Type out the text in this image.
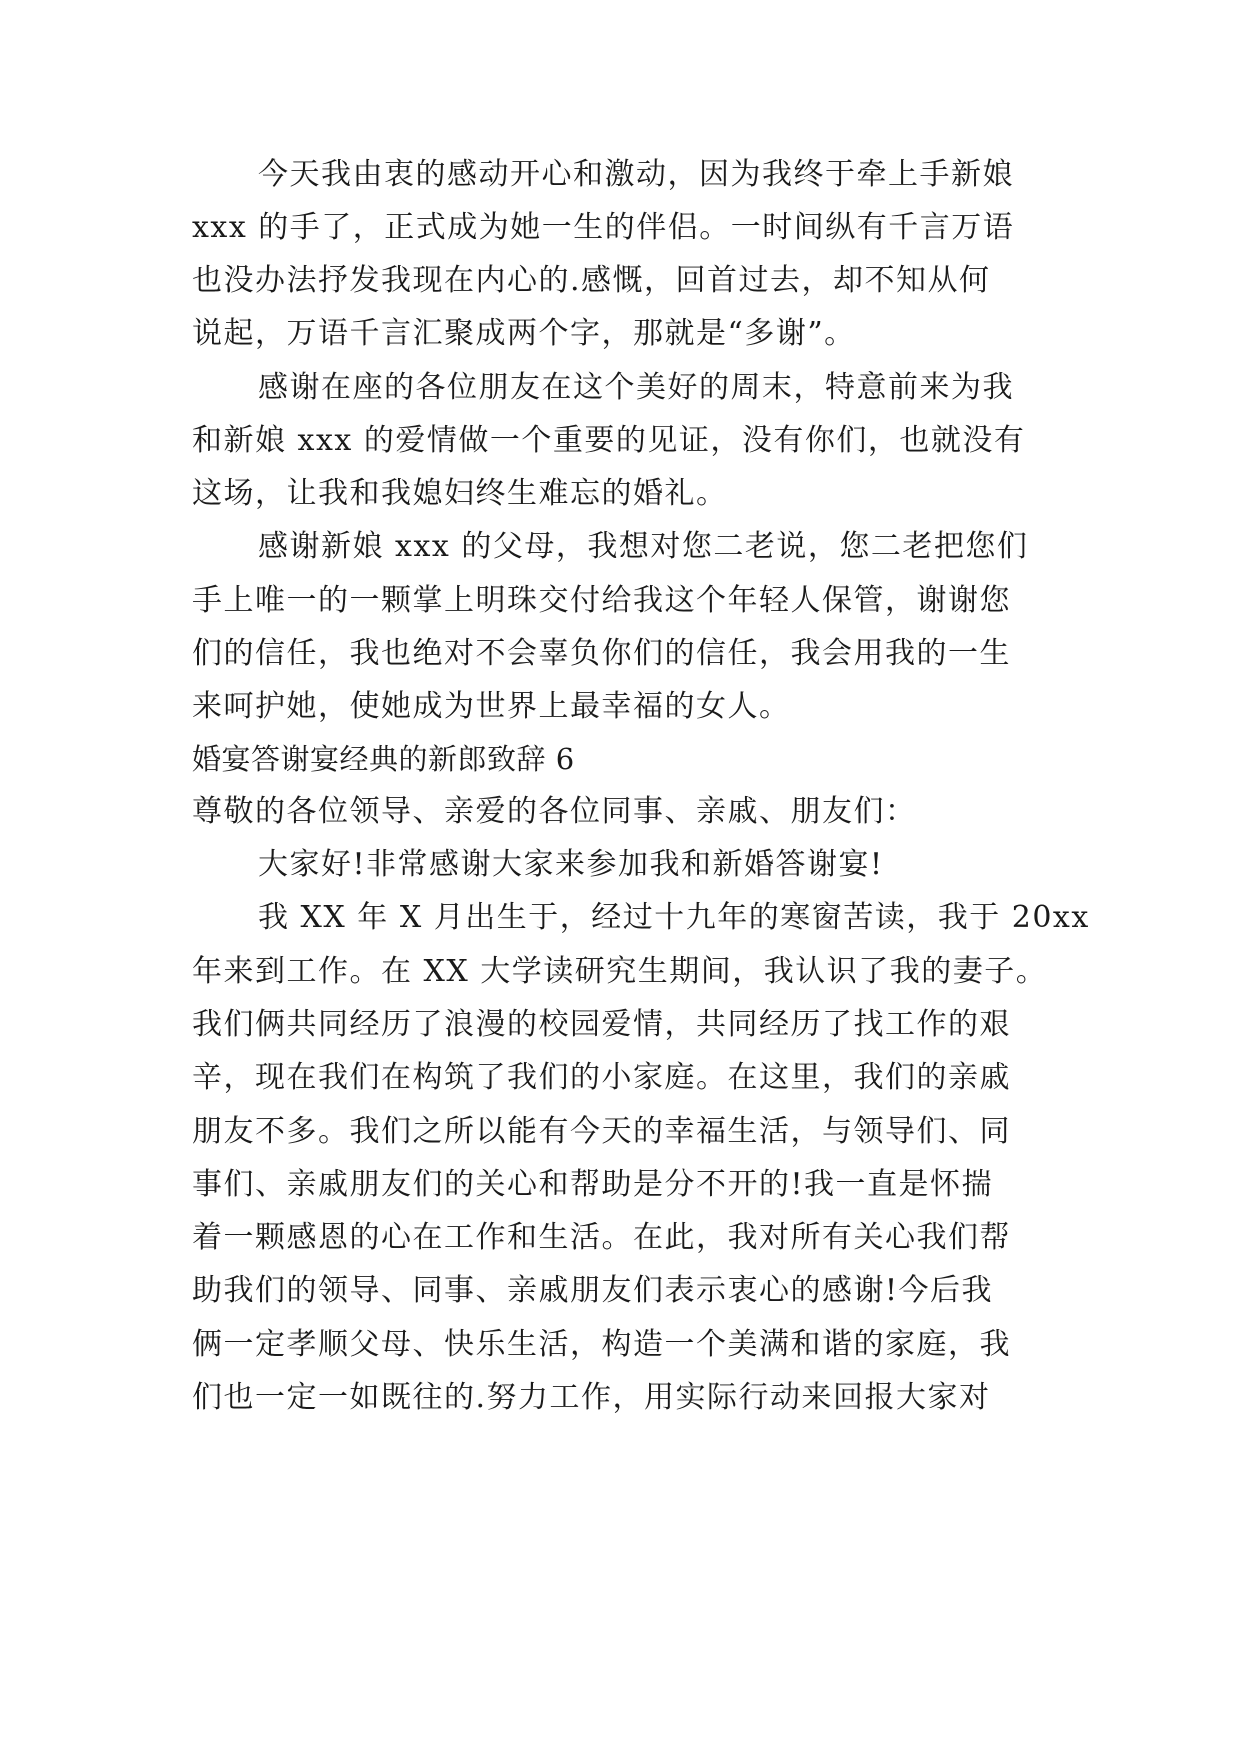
今天我由衷的感动开心和激动，因为我终于牵上手新娘
xxx 的手了，正式成为她一生的伴侣。一时间纵有千言万语
也没办法抒发我现在内心的.感慨，回首过去，却不知从何
说起，万语千言汇聚成两个字，那就是“多谢”。
感谢在座的各位朋友在这个美好的周末，特意前来为我
和新娘 xxx 的爱情做一个重要的见证，没有你们，也就没有
这场，让我和我媳妇终生难忘的婚礼。
感谢新娘 xxx 的父母，我想对您二老说，您二老把您们
手上唯一的一颗掌上明珠交付给我这个年轻人保管，谢谢您
们的信任，我也绝对不会辜负你们的信任，我会用我的一生
来呵护她，使她成为世界上最幸福的女人。
婚宴答谢宴经典的新郎致辞 6
尊敬的各位领导、亲爱的各位同事、亲戚、朋友们：
大家好!非常感谢大家来参加我和新婚答谢宴!
我 XX 年 X 月出生于，经过十九年的寒窗苦读，我于 20xx
年来到工作。在 XX 大学读研究生期间，我认识了我的妻子。
我们俩共同经历了浪漫的校园爱情，共同经历了找工作的艰
辛，现在我们在构筑了我们的小家庭。在这里，我们的亲戚
朋友不多。我们之所以能有今天的幸福生活，与领导们、同
事们、亲戚朋友们的关心和帮助是分不开的!我一直是怀揣
着一颗感恩的心在工作和生活。在此，我对所有关心我们帮
助我们的领导、同事、亲戚朋友们表示衷心的感谢!今后我
俩一定孝顺父母、快乐生活，构造一个美满和谐的家庭，我
们也一定一如既往的.努力工作，用实际行动来回报大家对
